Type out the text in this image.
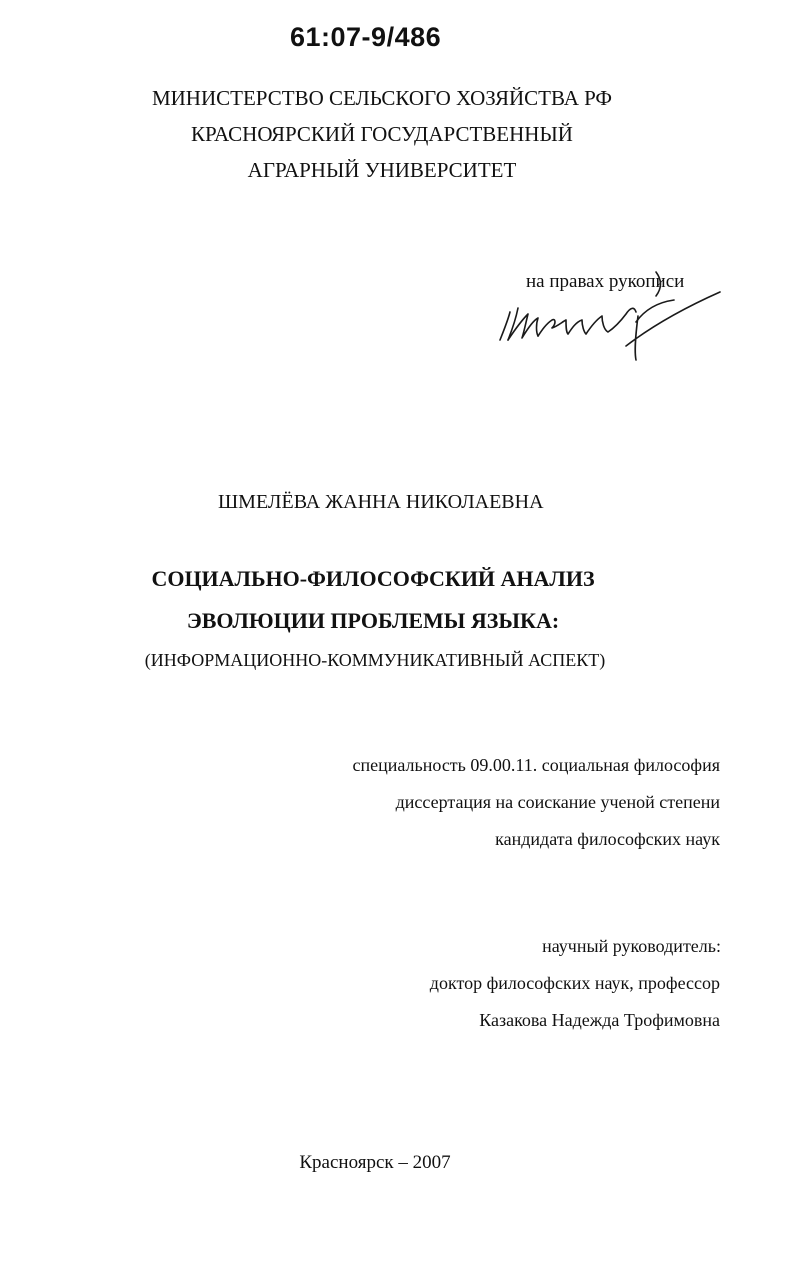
61:07-9/486
МИНИСТЕРСТВО СЕЛЬСКОГО ХОЗЯЙСТВА РФ
КРАСНОЯРСКИЙ ГОСУДАРСТВЕННЫЙ
АГРАРНЫЙ УНИВЕРСИТЕТ
на правах рукописи
ШМЕЛЁВА ЖАННА НИКОЛАЕВНА
СОЦИАЛЬНО-ФИЛОСОФСКИЙ АНАЛИЗ
ЭВОЛЮЦИИ ПРОБЛЕМЫ ЯЗЫКА:
(ИНФОРМАЦИОННО-КОММУНИКАТИВНЫЙ АСПЕКТ)
специальность 09.00.11. социальная философия
диссертация на соискание ученой степени
кандидата философских наук
научный руководитель:
доктор философских наук, профессор
Казакова Надежда Трофимовна
Красноярск – 2007
